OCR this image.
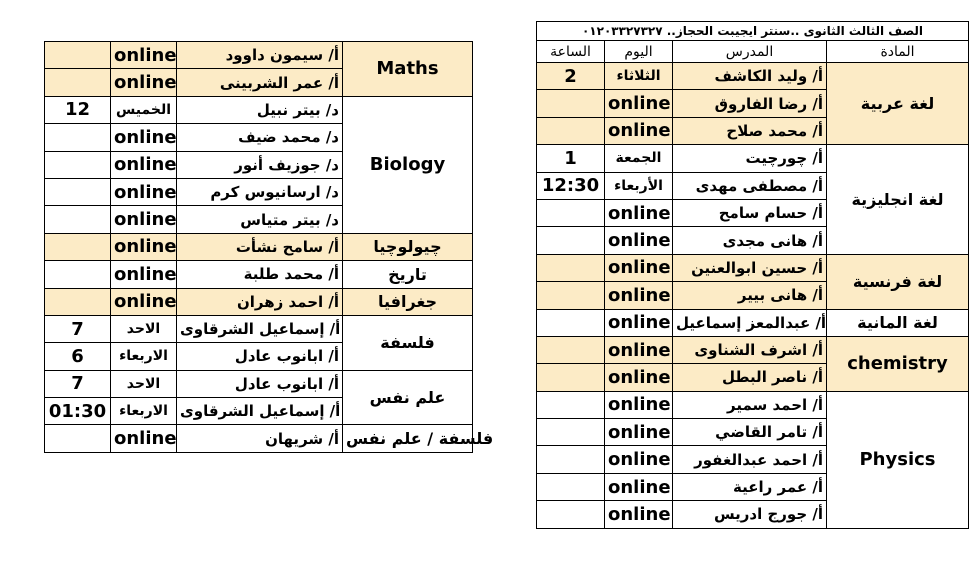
	online	أ/ سيمون داوود	Maths
	online	أ/ عمر الشربينى	
12	الخميس	د/ بيتر نبيل	Biology
	online	د/ محمد ضيف	
	online	د/ جوزيف أنور	
	online	د/ ارسانيوس كرم	
	online	د/ بيتر متياس	
	online	أ/ سامح نشأت	چيولوچيا
	online	أ/ محمد طلبة	تاريخ
	online	أ/ احمد زهران	جغرافيا
7	الاحد	أ/ إسماعيل الشرقاوى	فلسفة
6	الاربعاء	أ/ ابانوب عادل	
7	الاحد	أ/ ابانوب عادل	علم نفس
01:30	الاربعاء	أ/ إسماعيل الشرقاوى	
	online	أ/ شريهان	فلسفة / علم نفس
الصف الثالث الثانوى ..سنتر ايجيبت الحجاز.. ٠١٢٠٣٣٢٧٣٢٧			
الساعة	اليوم	المدرس	المادة
2	الثلاثاء	أ/ وليد الكاشف	لغة عربية
	online	أ/ رضا الفاروق	
	online	أ/ محمد صلاح	
1	الجمعة	أ/ چورچيت	لغة انجليزية
12:30	الأربعاء	أ/ مصطفى مهدى	
	online	أ/ حسام سامح	
	online	أ/ هانى مجدى	
	online	أ/ حسين ابوالعنين	لغة فرنسية
	online	أ/ هانى بيير	
	online	أ/ عبدالمعز إسماعيل	لغة المانية
	online	أ/ اشرف الشناوى	chemistry
	online	أ/ ناصر البطل	
	online	أ/ احمد سمير	Physics
	online	أ/ تامر القاضي	
	online	أ/ احمد عبدالغفور	
	online	أ/ عمر راعية	
	online	أ/ جورج ادريس	
